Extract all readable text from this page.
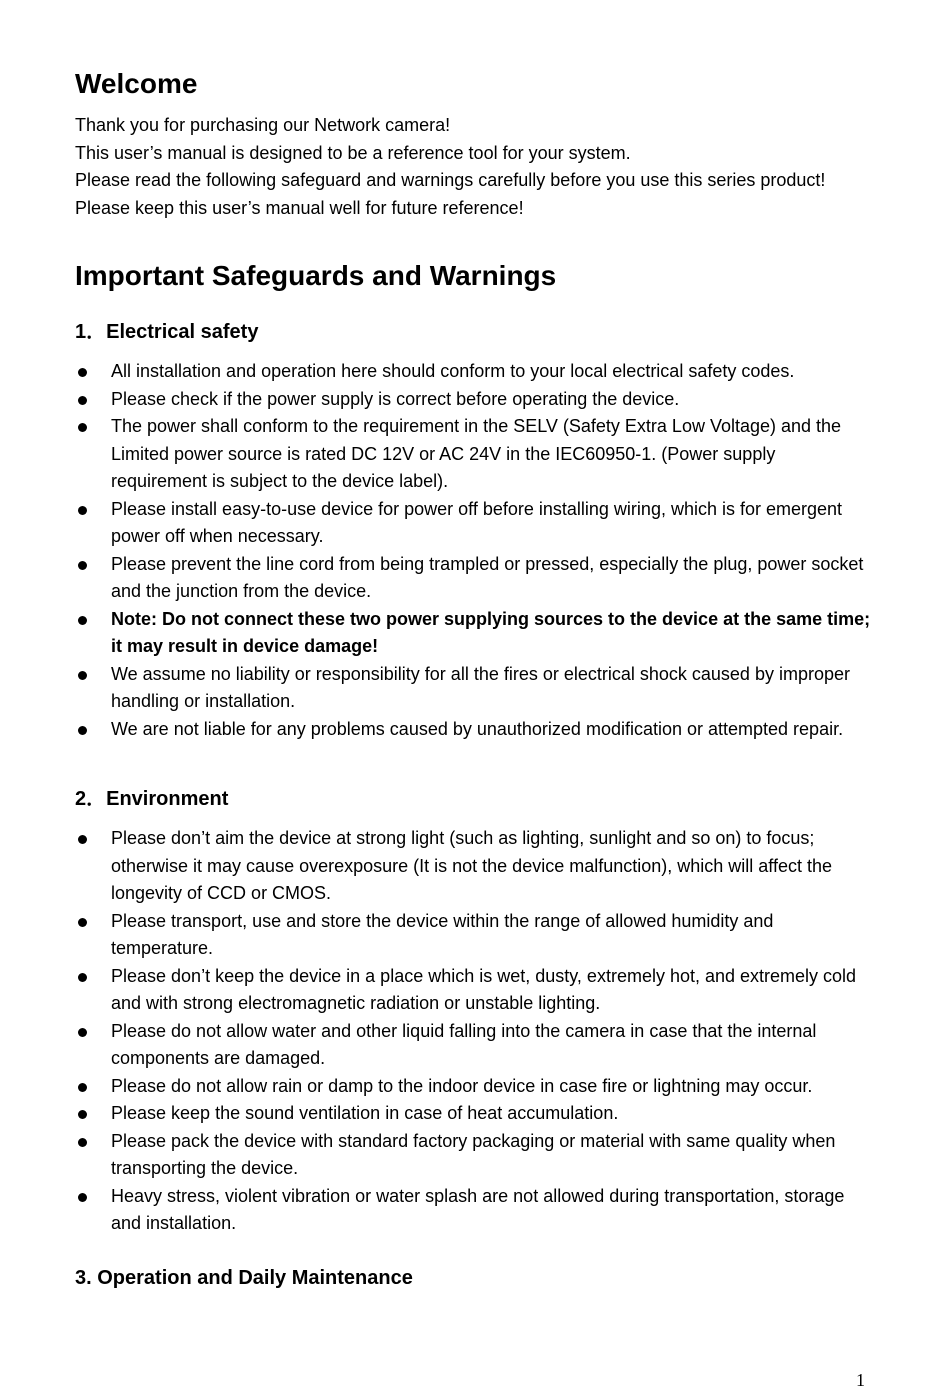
Welcome
Thank you for purchasing our Network camera!
This user’s manual is designed to be a reference tool for your system.
Please read the following safeguard and warnings carefully before you use this series product!
Please keep this user’s manual well for future reference!
Important Safeguards and Warnings
1．Electrical safety
All installation and operation here should conform to your local electrical safety codes.
Please check if the power supply is correct before operating the device.
The power shall conform to the requirement in the SELV (Safety Extra Low Voltage) and the Limited power source is rated DC 12V or AC 24V in the IEC60950-1. (Power supply requirement is subject to the device label).
Please install easy-to-use device for power off before installing wiring, which is for emergent power off when necessary.
Please prevent the line cord from being trampled or pressed, especially the plug, power socket and the junction from the device.
Note: Do not connect these two power supplying sources to the device at the same time; it may result in device damage!
We assume no liability or responsibility for all the fires or electrical shock caused by improper handling or installation.
We are not liable for any problems caused by unauthorized modification or attempted repair.
2．Environment
Please don’t aim the device at strong light (such as lighting, sunlight and so on) to focus; otherwise it may cause overexposure (It is not the device malfunction), which will affect the longevity of CCD or CMOS.
Please transport, use and store the device within the range of allowed humidity and temperature.
Please don’t keep the device in a place which is wet, dusty, extremely hot, and extremely cold and with strong electromagnetic radiation or unstable lighting.
Please do not allow water and other liquid falling into the camera in case that the internal components are damaged.
Please do not allow rain or damp to the indoor device in case fire or lightning may occur.
Please keep the sound ventilation in case of heat accumulation.
Please pack the device with standard factory packaging or material with same quality when transporting the device.
Heavy stress, violent vibration or water splash are not allowed during transportation, storage and installation.
3. Operation and Daily Maintenance
1
